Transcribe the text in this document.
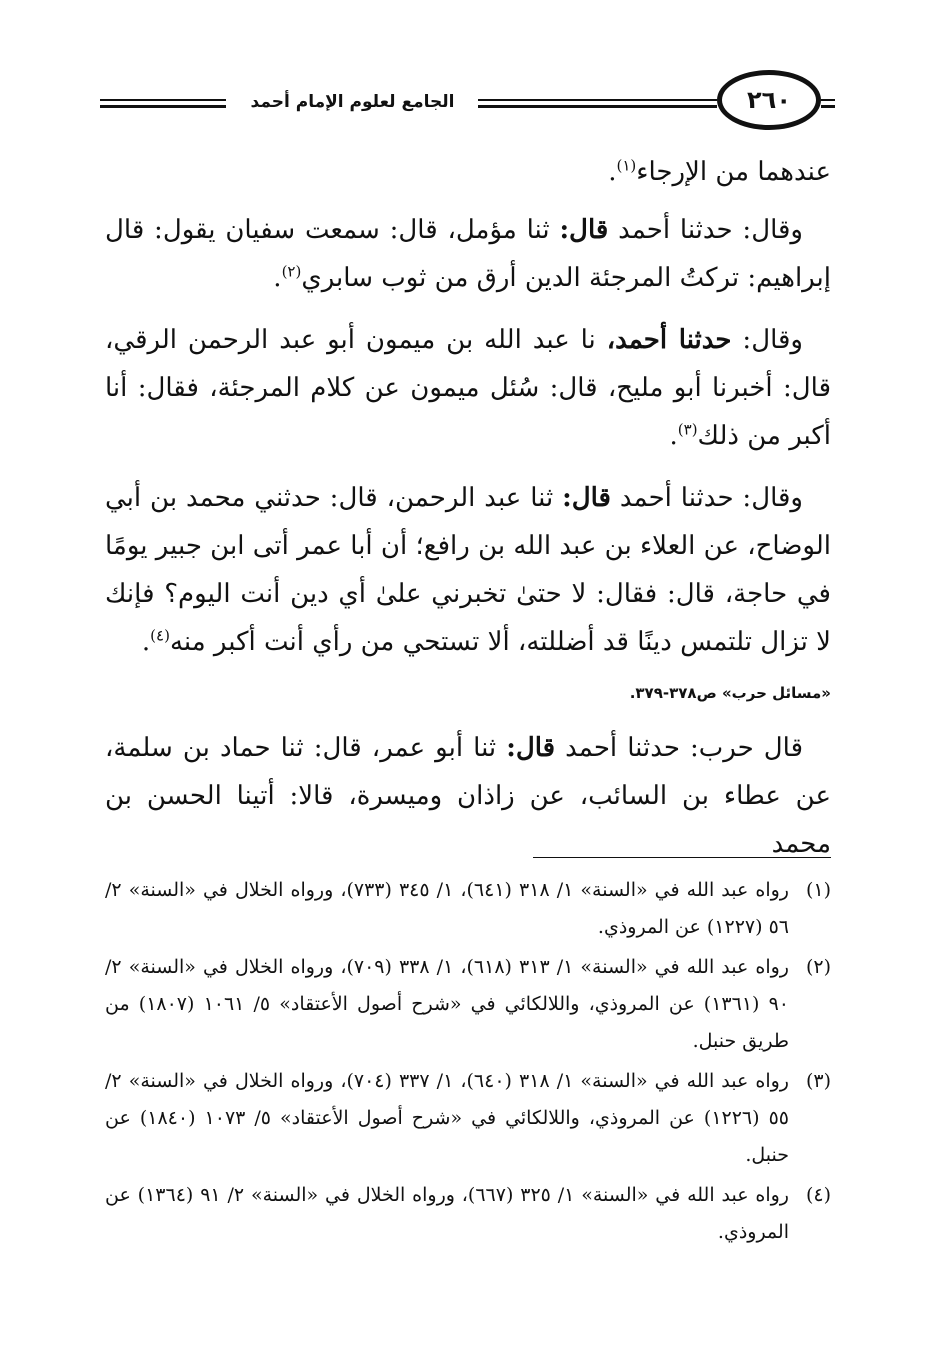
الجامع لعلوم الإمام أحمد	٢٦٠

عندهما من الإرجاء$^{(١)}$.

وقال: حدثنا أحمد قال: ثنا مؤمل، قال: سمعت سفيان يقول: قال إبراهيم: تركتُ المرجئة الدين أرق من ثوب سابري$^{(٢)}$.

وقال: حدثنا أحمد، نا عبد الله بن ميمون أبو عبد الرحمن الرقي، قال: أخبرنا أبو مليح، قال: سُئل ميمون عن كلام المرجئة، فقال: أنا أكبر من ذلك$^{(٣)}$.

وقال: حدثنا أحمد قال: ثنا عبد الرحمن، قال: حدثني محمد بن أبي الوضاح، عن العلاء بن عبد الله بن رافع؛ أن أبا عمر أتى ابن جبير يومًا في حاجة، قال: فقال: لا حتىٰ تخبرني علىٰ أي دين أنت اليوم؟ فإنك لا تزال تلتمس دينًا قد أضللته، ألا تستحي من رأي أنت أكبر منه$^{(٤)}$.

«مسائل حرب» ص٣٧٨-٣٧٩.

قال حرب: حدثنا أحمد قال: ثنا أبو عمر، قال: ثنا حماد بن سلمة، عن عطاء بن السائب، عن زاذان وميسرة، قالا: أتينا الحسن بن محمد

(١)
رواه عبد الله في «السنة» ١/ ٣١٨ (٦٤١)، ١/ ٣٤٥ (٧٣٣)، ورواه الخلال في «السنة» ٢/ ٥٦ (١٢٢٧) عن المروذي.
(٢)
رواه عبد الله في «السنة» ١/ ٣١٣ (٦١٨)، ١/ ٣٣٨ (٧٠٩)، ورواه الخلال في «السنة» ٢/ ٩٠ (١٣٦١) عن المروذي، واللالكائي في «شرح أصول الأعتقاد» ٥/ ١٠٦١ (١٨٠٧) من طريق حنبل.
(٣)
رواه عبد الله في «السنة» ١/ ٣١٨ (٦٤٠)، ١/ ٣٣٧ (٧٠٤)، ورواه الخلال في «السنة» ٢/ ٥٥ (١٢٢٦) عن المروذي، واللالكائي في «شرح أصول الأعتقاد» ٥/ ١٠٧٣ (١٨٤٠) عن حنبل.
(٤)
رواه عبد الله في «السنة» ١/ ٣٢٥ (٦٦٧)، ورواه الخلال في «السنة» ٢/ ٩١ (١٣٦٤) عن المروذي.
